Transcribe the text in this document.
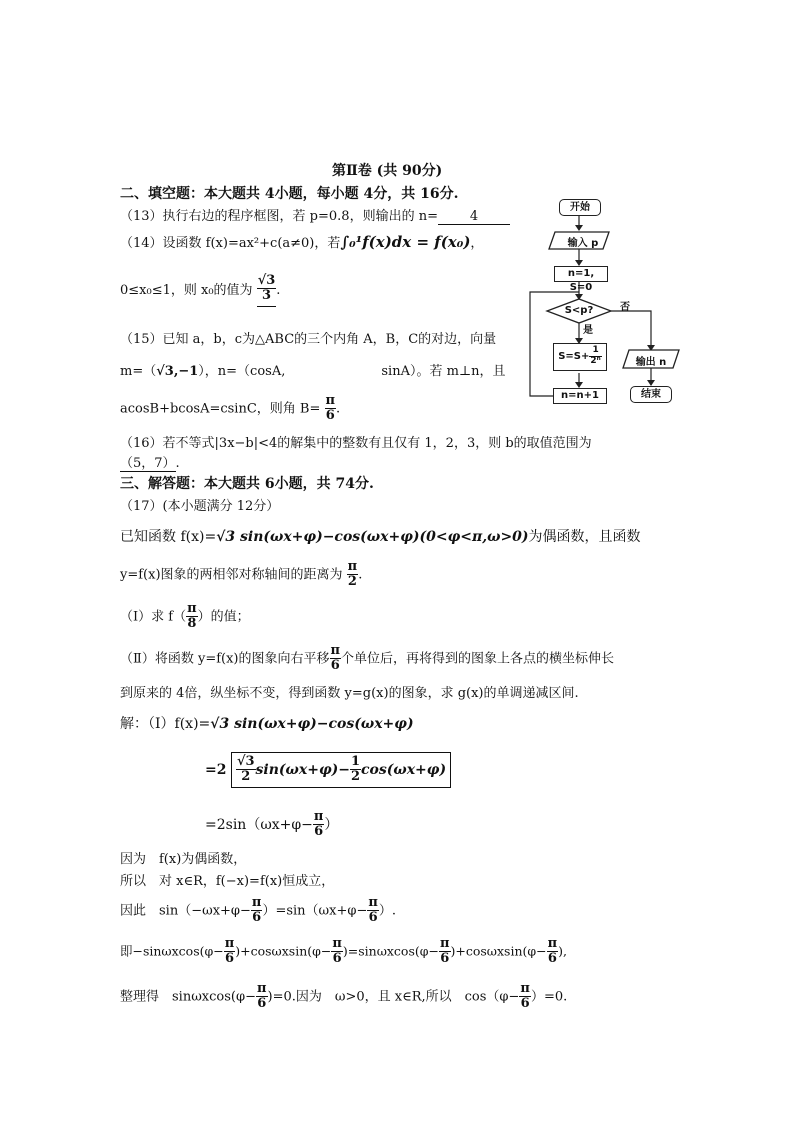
第Ⅱ卷 (共 90分)
二、填空题：本大题共 4小题，每小题 4分，共 16分.
（13）执行右边的程序框图，若 p=0.8，则输出的 n= 4
（14）设函数 f(x)=ax²+c(a≠0)，若∫₀¹f(x)dx = f(x₀)，
0≤x₀≤1，则 x₀的值为 $\frac{√3}{3}$ .
（15）已知 a，b，c为△ABC的三个内角 A，B，C的对边，向量
m=（√3,−1），n=（cosA,	sinA）。若 m⊥n，且
acosB+bcosA=csinC，则角 $B= \frac{\pi}{6}$ .
（16）若不等式|3x−b|<4的解集中的整数有且仅有 1，2，3，则 b的取值范围为
（5，7）.
开始
输入 p
n=1, S=0
S<p?	否
是
$S=S+ \frac{1}{\text{2ⁿ}}$
n=n+1
输出 n
结束
三、解答题：本大题共 6小题，共 74分.
（17）(本小题满分 12分）
已知函数 f(x)=√3 sin(ωx+φ)−cos(ωx+φ)(0<φ<π,ω>0)为偶函数，且函数
y=f(x)图象的两相邻对称轴间的距离为 $\frac{\pi}{2}$ .
（Ⅰ）求 $f( \frac{\pi}{8}$ ）的值；
（Ⅱ）将函数 y=f(x)的图象向右平移 $\frac{\pi}{6}$ 个单位后，再将得到的图象上各点的横坐标伸长
到原来的 4倍，纵坐标不变，得到函数 y=g(x)的图象，求 g(x)的单调递减区间.
解：（Ⅰ）f(x)=√3 sin(ωx+φ)−cos(ωx+φ)
$=2 \frac{√3}{2} \sin(\omega x+\varphi)- \frac{1}{2} \cos(\omega x+\varphi)$
$=2\sin(\omega x+\varphi- \frac{\pi}{6}$ ）
因为　f(x)为偶函数，
所以　对 x∈R，f(−x)=f(x)恒成立，
因此　$\sin(-\omega x+\varphi- \frac{\pi}{6} )=\sin(\omega x+\varphi- \frac{\pi}{6}$ ）.
即$-\sin\omega xcos(\varphi- \frac{\pi}{6} )+\cos\omega xsin(\varphi- \frac{\pi}{6} )=\sin\omega xcos(\varphi- \frac{\pi}{6} )+\cos\omega xsin(\varphi- \frac{\pi}{6}$ ),
整理得　$\sin\omega xcos(\varphi- \frac{\pi}{6} )=0$.因为　ω>0，且 x∈R,所以　$\cos(\varphi- \frac{\pi}{6} )=0$.
